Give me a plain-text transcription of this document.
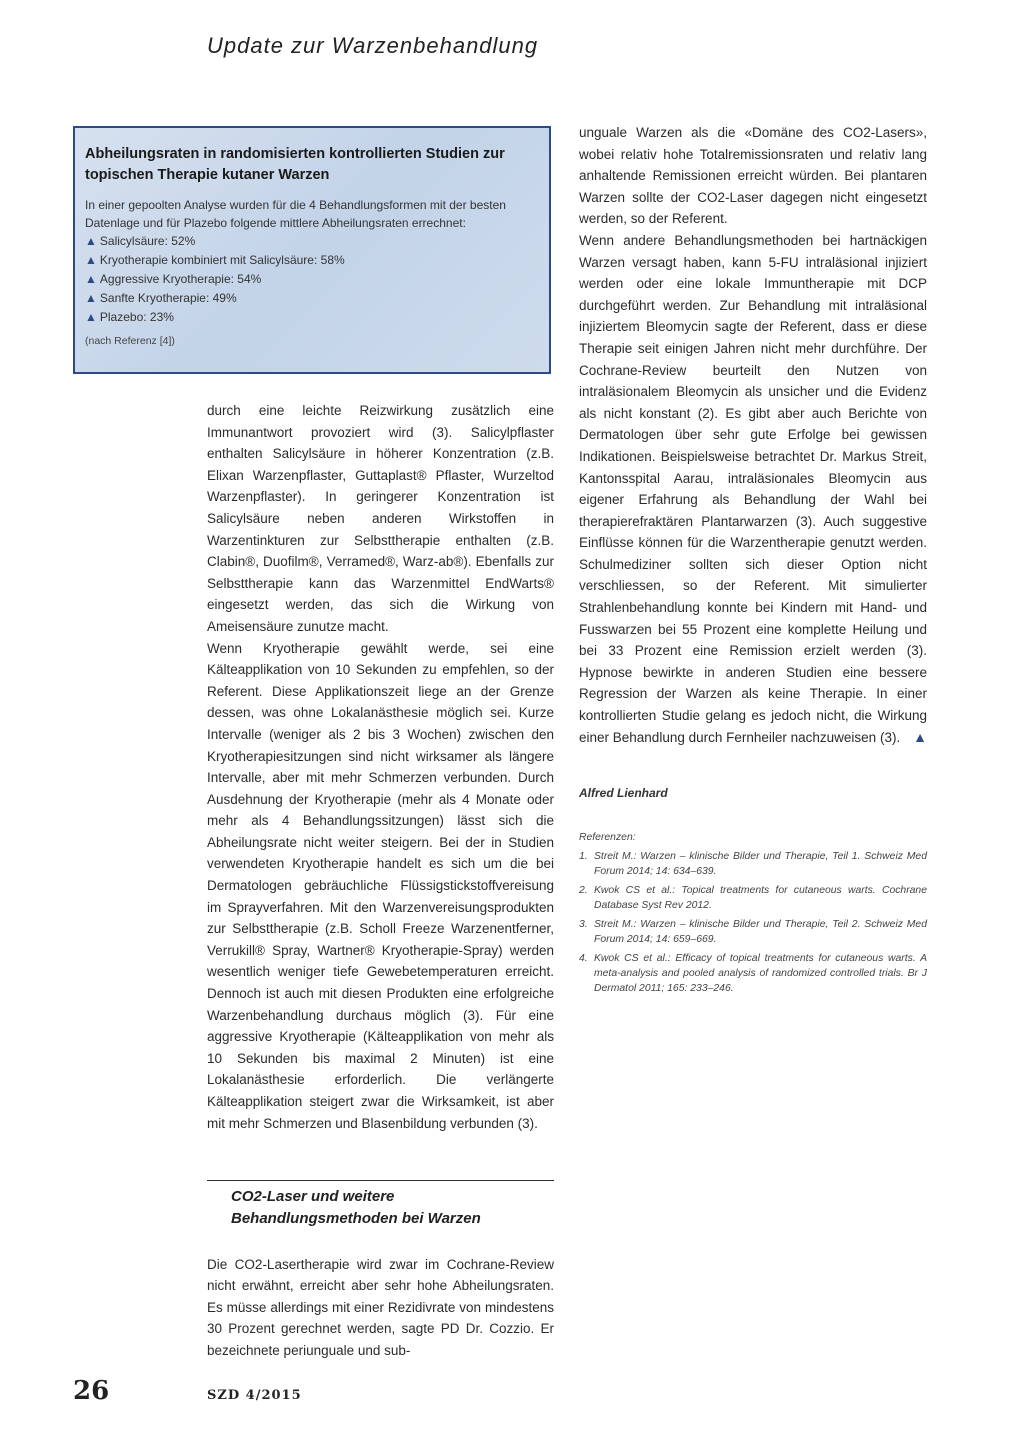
Update zur Warzenbehandlung

Abheilungsraten in randomisierten kontrollierten Studien zur topischen Therapie kutaner Warzen

In einer gepoolten Analyse wurden für die 4 Behandlungsformen mit der besten Datenlage und für Plazebo folgende mittlere Abheilungsraten errechnet:

▲ Salicylsäure: 52%
▲ Kryotherapie kombiniert mit Salicylsäure: 58%
▲ Aggressive Kryotherapie: 54%
▲ Sanfte Kryotherapie: 49%
▲ Plazebo: 23%
(nach Referenz [4])

durch eine leichte Reizwirkung zusätzlich eine Immunantwort provoziert wird (3). Salicylpflaster enthalten Salicylsäure in höherer Konzentration (z.B. Elixan Warzenpflaster, Guttaplast® Pflaster, Wurzeltod Warzenpflaster). In geringerer Konzentration ist Salicylsäure neben anderen Wirkstoffen in Warzentinkturen zur Selbsttherapie enthalten (z.B. Clabin®, Duofilm®, Verramed®, Warz-ab®). Ebenfalls zur Selbsttherapie kann das Warzenmittel EndWarts® eingesetzt werden, das sich die Wirkung von Ameisensäure zunutze macht.

Wenn Kryotherapie gewählt werde, sei eine Kälteapplikation von 10 Sekunden zu empfehlen, so der Referent. Diese Applikationszeit liege an der Grenze dessen, was ohne Lokalanästhesie möglich sei. Kurze Intervalle (weniger als 2 bis 3 Wochen) zwischen den Kryotherapiesitzungen sind nicht wirksamer als längere Intervalle, aber mit mehr Schmerzen verbunden. Durch Ausdehnung der Kryotherapie (mehr als 4 Monate oder mehr als 4 Behandlungssitzungen) lässt sich die Abheilungsrate nicht weiter steigern. Bei der in Studien verwendeten Kryotherapie handelt es sich um die bei Dermatologen gebräuchliche Flüssigstickstoffvereisung im Sprayverfahren. Mit den Warzenvereisungsprodukten zur Selbsttherapie (z.B. Scholl Freeze Warzenentferner, Verrukill® Spray, Wartner® Kryotherapie-Spray) werden wesentlich weniger tiefe Gewebetemperaturen erreicht. Dennoch ist auch mit diesen Produkten eine erfolgreiche Warzenbehandlung durchaus möglich (3). Für eine aggressive Kryotherapie (Kälteapplikation von mehr als 10 Sekunden bis maximal 2 Minuten) ist eine Lokalanästhesie erforderlich. Die verlängerte Kälteapplikation steigert zwar die Wirksamkeit, ist aber mit mehr Schmerzen und Blasenbildung verbunden (3).

CO2-Laser und weitere Behandlungsmethoden bei Warzen

Die CO2-Lasertherapie wird zwar im Cochrane-Review nicht erwähnt, erreicht aber sehr hohe Abheilungsraten. Es müsse allerdings mit einer Rezidivrate von mindestens 30 Prozent gerechnet werden, sagte PD Dr. Cozzio. Er bezeichnete periunguale und sub-

unguale Warzen als die «Domäne des CO2-Lasers», wobei relativ hohe Totalremissionsraten und relativ lang anhaltende Remissionen erreicht würden. Bei plantaren Warzen sollte der CO2-Laser dagegen nicht eingesetzt werden, so der Referent.

Wenn andere Behandlungsmethoden bei hartnäckigen Warzen versagt haben, kann 5-FU intraläsional injiziert werden oder eine lokale Immuntherapie mit DCP durchgeführt werden. Zur Behandlung mit intraläsional injiziertem Bleomycin sagte der Referent, dass er diese Therapie seit einigen Jahren nicht mehr durchführe. Der Cochrane-Review beurteilt den Nutzen von intraläsionalem Bleomycin als unsicher und die Evidenz als nicht konstant (2). Es gibt aber auch Berichte von Dermatologen über sehr gute Erfolge bei gewissen Indikationen. Beispielsweise betrachtet Dr. Markus Streit, Kantonsspital Aarau, intraläsionales Bleomycin aus eigener Erfahrung als Behandlung der Wahl bei therapierefraktären Plantarwarzen (3). Auch suggestive Einflüsse können für die Warzentherapie genutzt werden. Schulmediziner sollten sich dieser Option nicht verschliessen, so der Referent. Mit simulierter Strahlenbehandlung konnte bei Kindern mit Hand- und Fusswarzen bei 55 Prozent eine komplette Heilung und bei 33 Prozent eine Remission erzielt werden (3). Hypnose bewirkte in anderen Studien eine bessere Regression der Warzen als keine Therapie. In einer kontrollierten Studie gelang es jedoch nicht, die Wirkung einer Behandlung durch Fernheiler nachzuweisen (3). ▲

Alfred Lienhard
Referenzen:
1. Streit M.: Warzen – klinische Bilder und Therapie, Teil 1. Schweiz Med Forum 2014; 14: 634–639.
2. Kwok CS et al.: Topical treatments for cutaneous warts. Cochrane Database Syst Rev 2012.
3. Streit M.: Warzen – klinische Bilder und Therapie, Teil 2. Schweiz Med Forum 2014; 14: 659–669.
4. Kwok CS et al.: Efficacy of topical treatments for cutaneous warts. A meta-analysis and pooled analysis of randomized controlled trials. Br J Dermatol 2011; 165: 233–246.
26	SZD 4/2015
